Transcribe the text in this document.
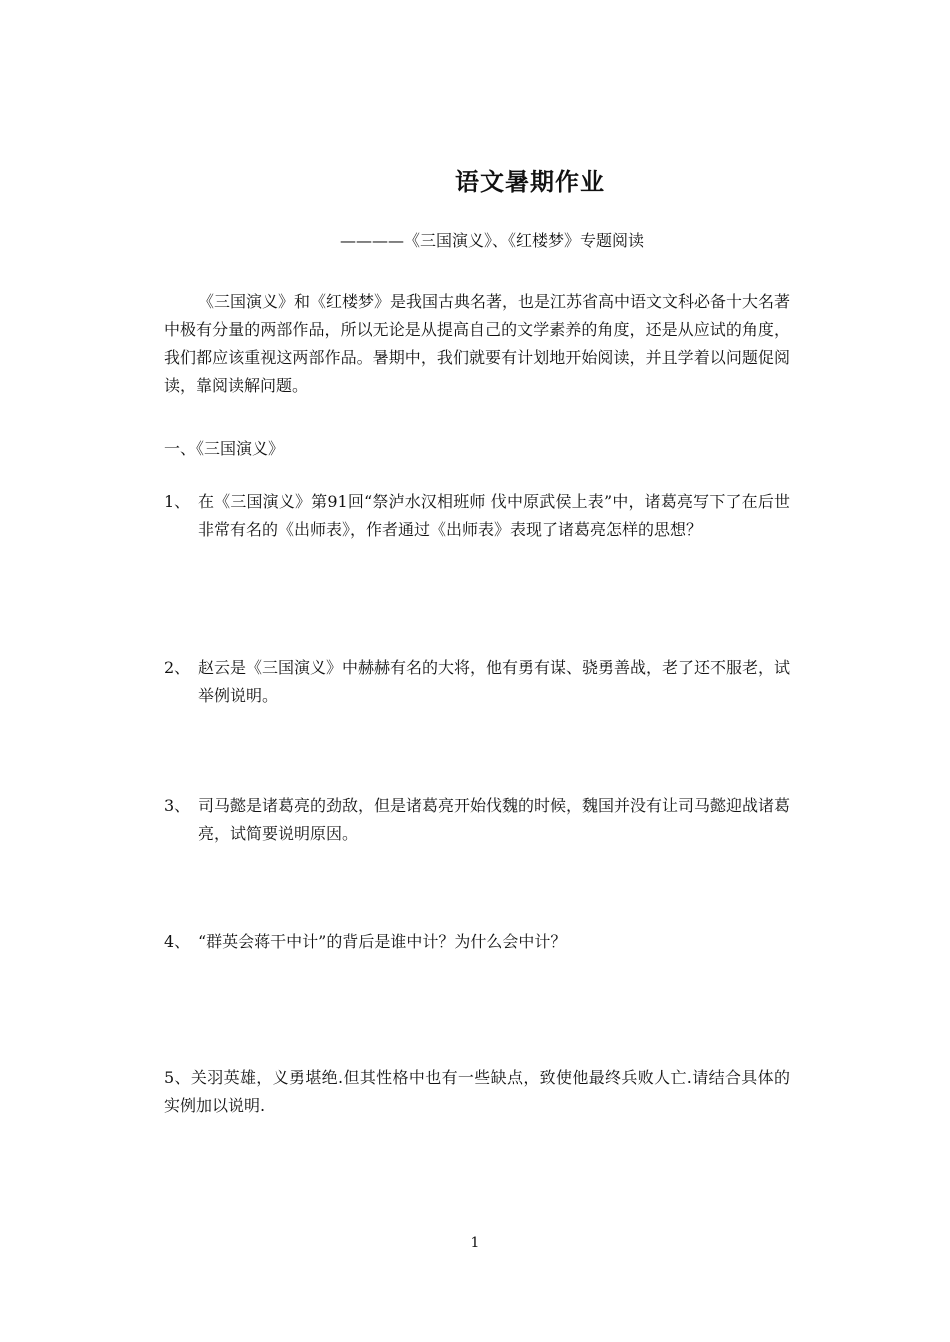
语文暑期作业
————《三国演义》、《红楼梦》专题阅读
《三国演义》和《红楼梦》是我国古典名著，也是江苏省高中语文文科必备十大名著中极有分量的两部作品，所以无论是从提高自己的文学素养的角度，还是从应试的角度，我们都应该重视这两部作品。暑期中，我们就要有计划地开始阅读，并且学着以问题促阅读，靠阅读解问题。
一、《三国演义》
1、 在《三国演义》第91回“祭泸水汉相班师 伐中原武侯上表”中，诸葛亮写下了在后世非常有名的《出师表》，作者通过《出师表》表现了诸葛亮怎样的思想？
2、 赵云是《三国演义》中赫赫有名的大将，他有勇有谋、骁勇善战，老了还不服老，试举例说明。
3、 司马懿是诸葛亮的劲敌，但是诸葛亮开始伐魏的时候，魏国并没有让司马懿迎战诸葛亮，试简要说明原因。
4、 “群英会蒋干中计”的背后是谁中计？为什么会中计？
5、关羽英雄，义勇堪绝.但其性格中也有一些缺点，致使他最终兵败人亡.请结合具体的实例加以说明.
1
